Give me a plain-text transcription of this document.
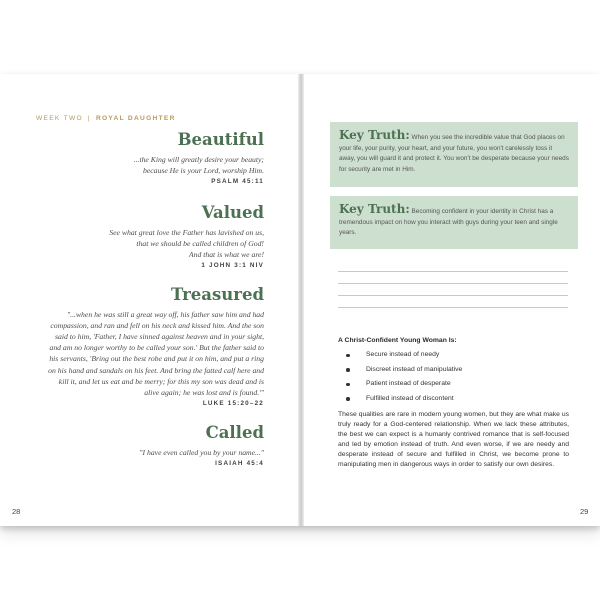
WEEK TWO | ROYAL DAUGHTER
Beautiful
...the King will greatly desire your beauty;
because He is your Lord, worship Him.
PSALM 45:11
Valued
See what great love the Father has lavished on us,
that we should be called children of God!
And that is what we are!
1 JOHN 3:1 NIV
Treasured
"...when he was still a great way off, his father saw him and had
compassion, and ran and fell on his neck and kissed him. And the son
said to him, 'Father, I have sinned against heaven and in your sight,
and am no longer worthy to be called your son.' But the father said to
his servants, 'Bring out the best robe and put it on him, and put a ring
on his hand and sandals on his feet. And bring the fatted calf here and
kill it, and let us eat and be merry; for this my son was dead and is
alive again; he was lost and is found.'"
LUKE 15:20–22
Called
"I have even called you by your name..."
ISAIAH 45:4
Key Truth: When you see the incredible value that God places on your life, your purity, your heart, and your future, you won't carelessly toss it away, you will guard it and protect it. You won't be desperate because your needs for security are met in Him.
Key Truth: Becoming confident in your identity in Christ has a tremendous impact on how you interact with guys during your teen and single years.
A Christ-Confident Young Woman Is:
Secure instead of needy
Discreet instead of manipulative
Patient instead of desperate
Fulfilled instead of discontent

These qualities are rare in modern young women, but they are what make us truly ready for a God-centered relationship. When we lack these attributes, the best we can expect is a humanly contrived romance that is self-focused and led by emotion instead of truth. And even worse, if we are needy and desperate instead of secure and fulfilled in Christ, we become prone to manipulating men in dangerous ways in order to satisfy our own desires.

28	29
